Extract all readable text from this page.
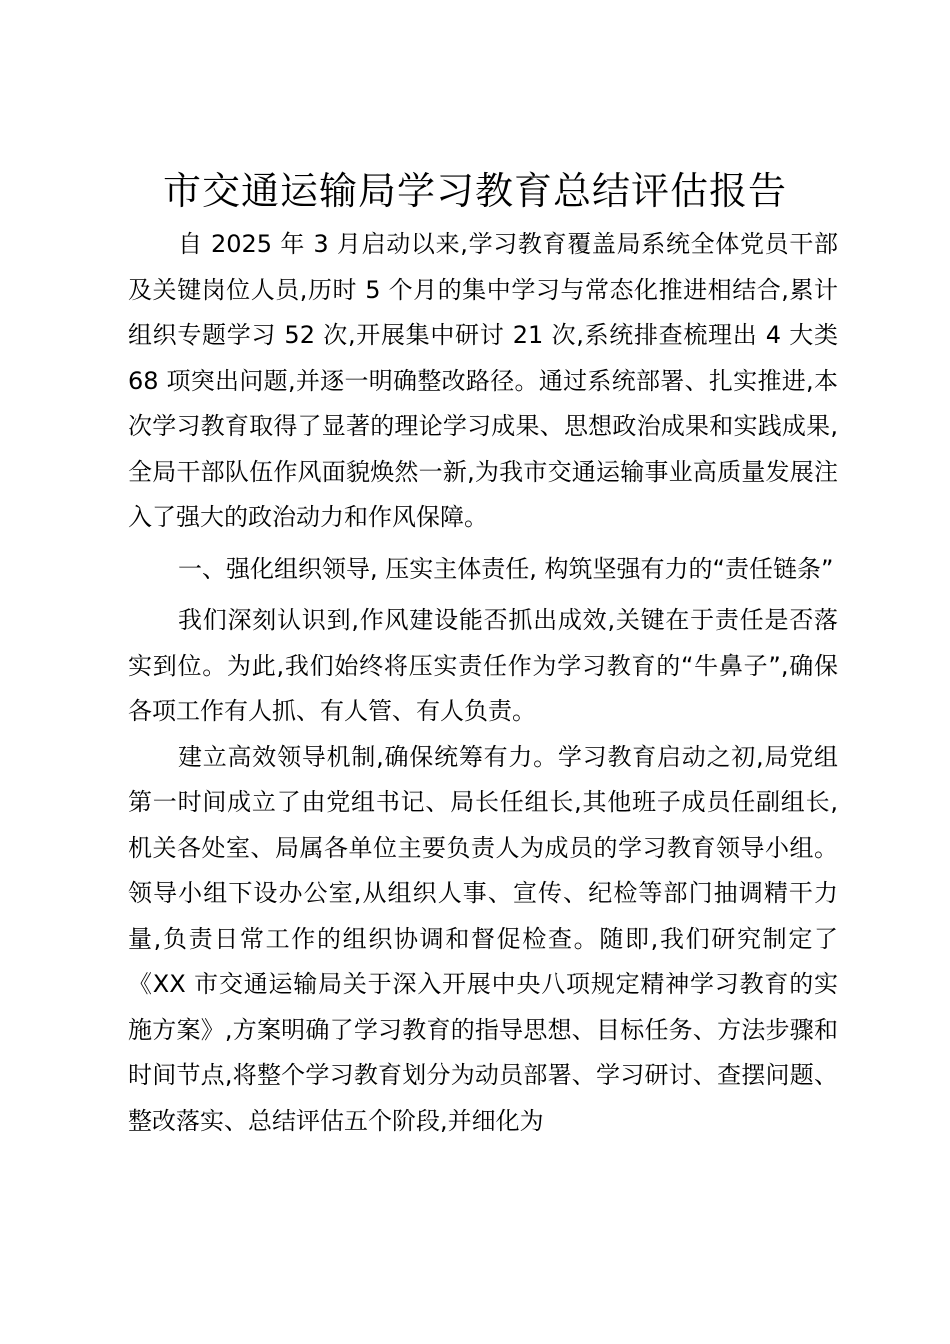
市交通运输局学习教育总结评估报告

自 2025 年 3 月启动以来,学习教育覆盖局系统全体党员干部及关键岗位人员,历时 5 个月的集中学习与常态化推进相结合,累计组织专题学习 52 次,开展集中研讨 21 次,系统排查梳理出 4 大类 68 项突出问题,并逐一明确整改路径。通过系统部署、扎实推进,本次学习教育取得了显著的理论学习成果、思想政治成果和实践成果,全局干部队伍作风面貌焕然一新,为我市交通运输事业高质量发展注入了强大的政治动力和作风保障。

一、强化组织领导, 压实主体责任, 构筑坚强有力的“责任链条”

我们深刻认识到,作风建设能否抓出成效,关键在于责任是否落实到位。为此,我们始终将压实责任作为学习教育的“牛鼻子”,确保各项工作有人抓、有人管、有人负责。

建立高效领导机制,确保统筹有力。学习教育启动之初,局党组第一时间成立了由党组书记、局长任组长,其他班子成员任副组长,机关各处室、局属各单位主要负责人为成员的学习教育领导小组。领导小组下设办公室,从组织人事、宣传、纪检等部门抽调精干力量,负责日常工作的组织协调和督促检查。随即,我们研究制定了《XX 市交通运输局关于深入开展中央八项规定精神学习教育的实施方案》,方案明确了学习教育的指导思想、目标任务、方法步骤和时间节点,将整个学习教育划分为动员部署、学习研讨、查摆问题、整改落实、总结评估五个阶段,并细化为
